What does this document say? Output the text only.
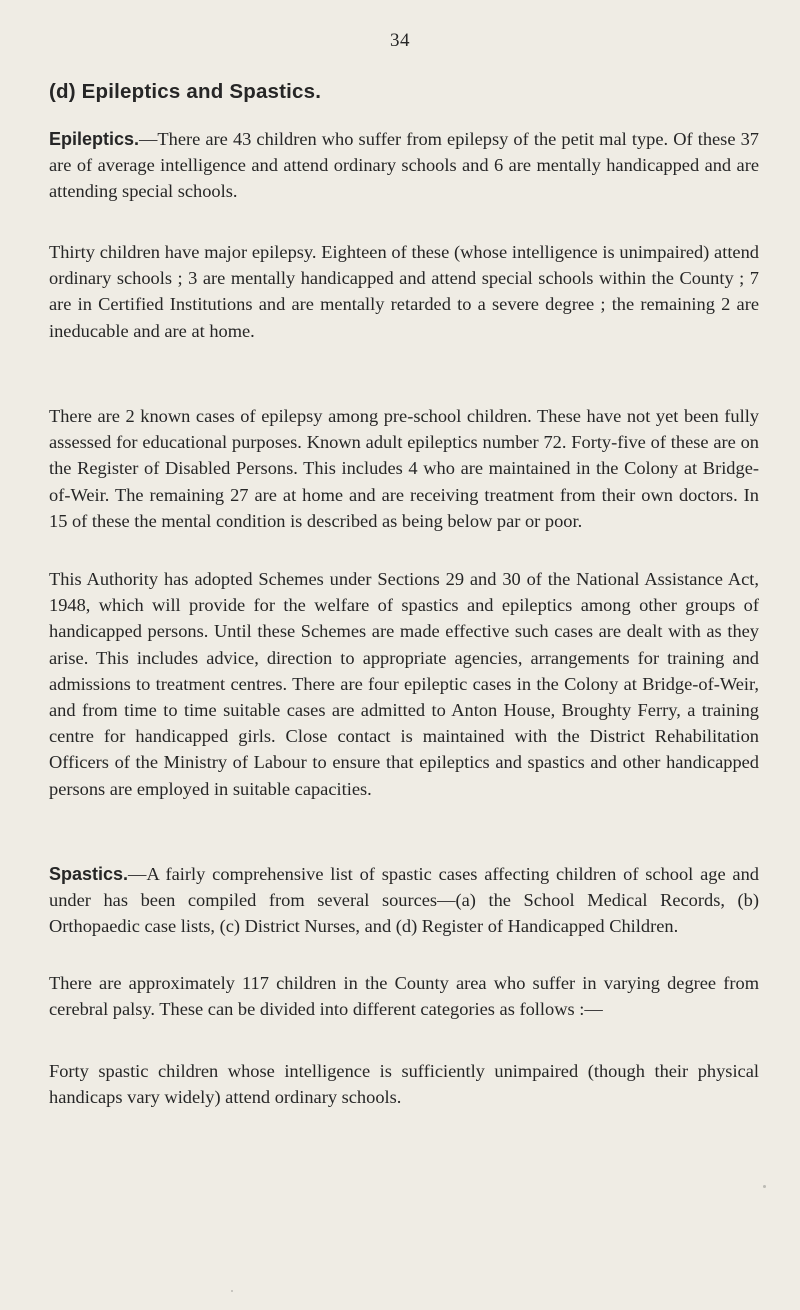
34
(d) Epileptics and Spastics.

Epileptics.—There are 43 children who suffer from epilepsy of the petit mal type. Of these 37 are of average intelligence and attend ordinary schools and 6 are mentally handicapped and are attending special schools.

Thirty children have major epilepsy. Eighteen of these (whose intelligence is unimpaired) attend ordinary schools ; 3 are mentally handicapped and attend special schools within the County ; 7 are in Certified Institutions and are mentally retarded to a severe degree ; the remaining 2 are ineducable and are at home.

There are 2 known cases of epilepsy among pre-school children. These have not yet been fully assessed for educational purposes. Known adult epileptics number 72. Forty-five of these are on the Register of Disabled Persons. This includes 4 who are maintained in the Colony at Bridge-of-Weir. The remaining 27 are at home and are receiving treatment from their own doctors. In 15 of these the mental condition is described as being below par or poor.

This Authority has adopted Schemes under Sections 29 and 30 of the National Assistance Act, 1948, which will provide for the welfare of spastics and epileptics among other groups of handicapped persons. Until these Schemes are made effective such cases are dealt with as they arise. This includes advice, direction to appropriate agencies, arrangements for training and admissions to treatment centres. There are four epileptic cases in the Colony at Bridge-of-Weir, and from time to time suitable cases are admitted to Anton House, Broughty Ferry, a training centre for handicapped girls. Close contact is maintained with the District Rehabilitation Officers of the Ministry of Labour to ensure that epileptics and spastics and other handicapped persons are employed in suitable capacities.

Spastics.—A fairly comprehensive list of spastic cases affecting children of school age and under has been compiled from several sources—(a) the School Medical Records, (b) Orthopaedic case lists, (c) District Nurses, and (d) Register of Handicapped Children.

There are approximately 117 children in the County area who suffer in varying degree from cerebral palsy. These can be divided into different categories as follows :—

Forty spastic children whose intelligence is sufficiently unimpaired (though their physical handicaps vary widely) attend ordinary schools.
